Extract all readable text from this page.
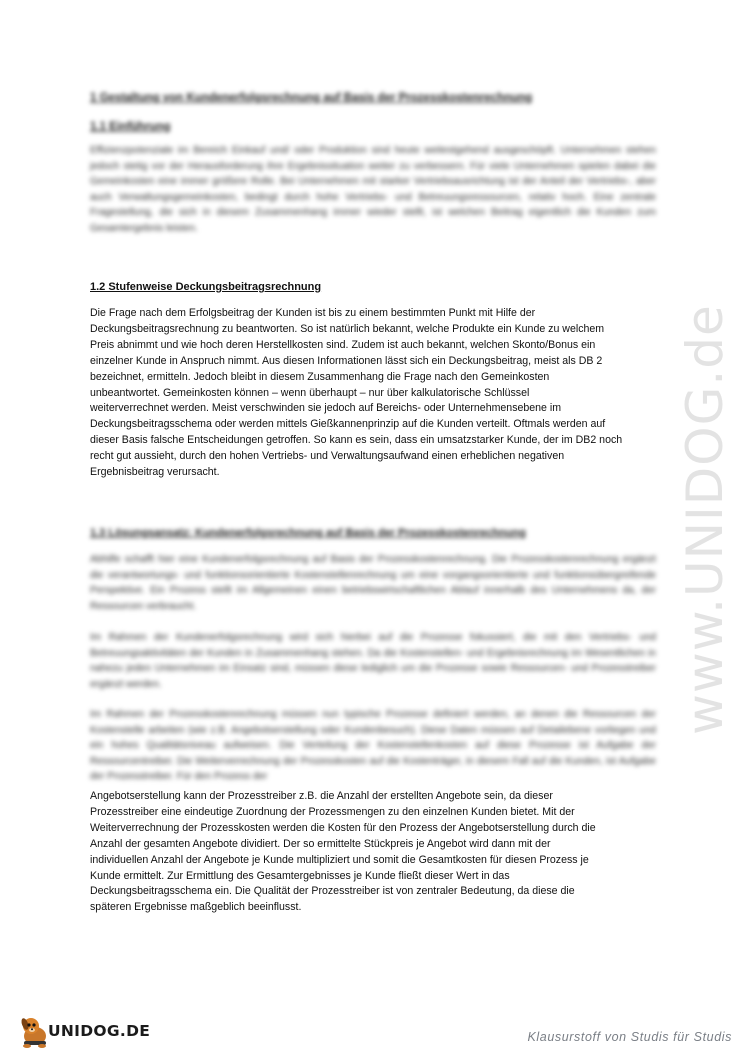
1 Gestaltung von Kundenerfolgsrechnung auf Basis der Prozesskostenrechnung
1.1 Einführung
Effizienzpotenziale im Bereich Einkauf und/ oder Produktion sind heute weitestgehend ausgeschöpft. Unternehmen stehen jedoch stetig vor der Herausforderung ihre Ergebnissituation weiter zu verbessern. Für viele Unternehmen spielen dabei die Gemeinkosten eine immer größere Rolle. Bei Unternehmen mit starker Vertriebsausrichtung ist der Anteil der Vertriebs-, aber auch Verwaltungsgemeinkosten, bedingt durch hohe Vertriebs- und Betreuungsressourcen, relativ hoch. Eine zentrale Fragestellung, die sich in diesem Zusammenhang immer wieder stellt, ist welchen Beitrag eigentlich die Kunden zum Gesamtergebnis leisten.
1.2 Stufenweise Deckungsbeitragsrechnung
Die Frage nach dem Erfolgsbeitrag der Kunden ist bis zu einem bestimmten Punkt mit Hilfe der
Deckungsbeitragsrechnung zu beantworten. So ist natürlich bekannt, welche Produkte ein Kunde zu welchem
Preis abnimmt und wie hoch deren Herstellkosten sind. Zudem ist auch bekannt, welchen Skonto/Bonus ein
einzelner Kunde in Anspruch nimmt. Aus diesen Informationen lässt sich ein Deckungsbeitrag, meist als DB 2
bezeichnet, ermitteln. Jedoch bleibt in diesem Zusammenhang die Frage nach den Gemeinkosten
unbeantwortet. Gemeinkosten können – wenn überhaupt – nur über kalkulatorische Schlüssel
weiterverrechnet werden. Meist verschwinden sie jedoch auf Bereichs- oder Unternehmensebene im
Deckungsbeitragsschema oder werden mittels Gießkannenprinzip auf die Kunden verteilt. Oftmals werden auf
dieser Basis falsche Entscheidungen getroffen. So kann es sein, dass ein umsatzstarker Kunde, der im DB2 noch
recht gut aussieht, durch den hohen Vertriebs- und Verwaltungsaufwand einen erheblichen negativen
Ergebnisbeitrag verursacht.
1.3 Lösungsansatz: Kundenerfolgsrechnung auf Basis der Prozesskostenrechnung
Abhilfe schafft hier eine Kundenerfolgsrechnung auf Basis der Prozesskostenrechnung. Die Prozesskostenrechnung ergänzt die verantwortungs- und funktionsorientierte Kostenstellenrechnung um eine vorgangsorientierte und funktionsübergreifende Perspektive. Ein Prozess stellt im Allgemeinen einen betriebswirtschaftlichen Ablauf innerhalb des Unternehmens da, der Ressourcen verbraucht.
Im Rahmen der Kundenerfolgsrechnung wird sich hierbei auf die Prozesse fokussiert, die mit den Vertriebs- und Betreuungsaktivitäten der Kunden in Zusammenhang stehen. Da die Kostenstellen- und Ergebnisrechnung im Wesentlichen in nahezu jeden Unternehmen im Einsatz sind, müssen diese lediglich um die Prozesse sowie Ressourcen- und Prozesstreiber ergänzt werden.
Im Rahmen der Prozesskostenrechnung müssen nun typische Prozesse definiert werden, an denen die Ressourcen der Kostenstelle arbeiten (wie z.B. Angebotserstellung oder Kundenbesuch). Diese Daten müssen auf Detailebene vorliegen und ein hohes Qualitätsniveau aufweisen. Die Verteilung der Kostenstellenkosten auf diese Prozesse ist Aufgabe der Ressourcentreiber. Die Weiterverrechnung der Prozesskosten auf die Kostenträger, in diesem Fall auf die Kunden, ist Aufgabe der Prozesstreiber. Für den Prozess der
Angebotserstellung kann der Prozesstreiber z.B. die Anzahl der erstellten Angebote sein, da dieser
Prozesstreiber eine eindeutige Zuordnung der Prozessmengen zu den einzelnen Kunden bietet. Mit der
Weiterverrechnung der Prozesskosten werden die Kosten für den Prozess der Angebotserstellung durch die
Anzahl der gesamten Angebote dividiert. Der so ermittelte Stückpreis je Angebot wird dann mit der
individuellen Anzahl der Angebote je Kunde multipliziert und somit die Gesamtkosten für diesen Prozess je
Kunde ermittelt. Zur Ermittlung des Gesamtergebnisses je Kunde fließt dieser Wert in das
Deckungsbeitragsschema ein. Die Qualität der Prozesstreiber ist von zentraler Bedeutung, da diese die
späteren Ergebnisse maßgeblich beeinflusst.
www.UNIDOG.de
UNIDOG.DE	Klausurstoff von Studis für Studis
